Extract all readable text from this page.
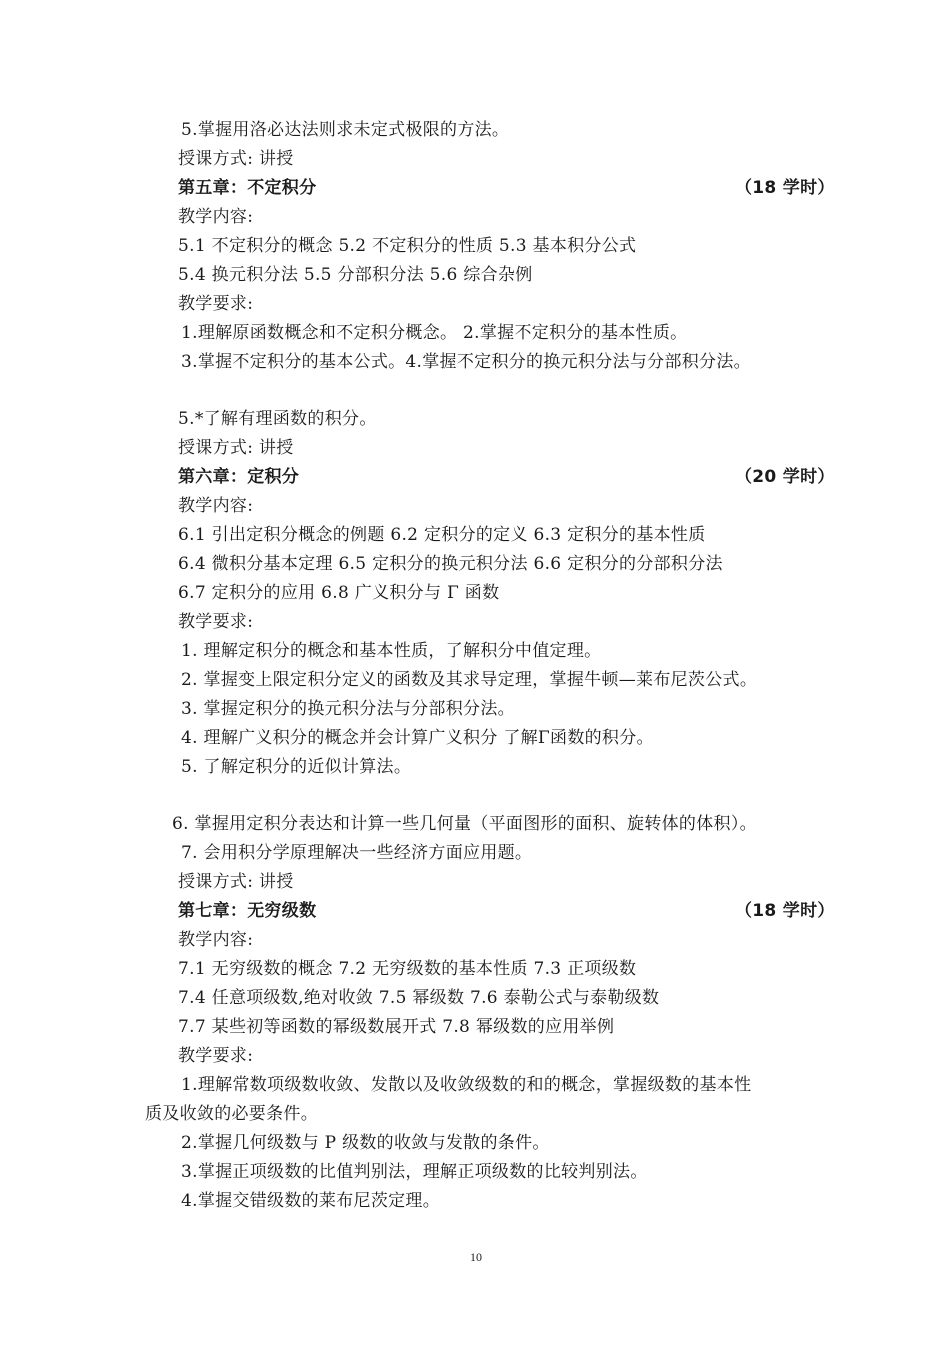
5.掌握用洛必达法则求未定式极限的方法。
授课方式: 讲授
第五章：不定积分	（18 学时）
教学内容:
5.1 不定积分的概念 5.2 不定积分的性质 5.3 基本积分公式
5.4 换元积分法 5.5 分部积分法 5.6 综合杂例
教学要求:
1.理解原函数概念和不定积分概念。 2.掌握不定积分的基本性质。
3.掌握不定积分的基本公式。4.掌握不定积分的换元积分法与分部积分法。
5.*了解有理函数的积分。
授课方式: 讲授
第六章：定积分	（20 学时）
教学内容:
6.1 引出定积分概念的例题 6.2 定积分的定义 6.3 定积分的基本性质
6.4 微积分基本定理 6.5 定积分的换元积分法 6.6 定积分的分部积分法
6.7 定积分的应用 6.8 广义积分与 Γ 函数
教学要求:
1. 理解定积分的概念和基本性质，了解积分中值定理。
2. 掌握变上限定积分定义的函数及其求导定理，掌握牛顿—莱布尼茨公式。
3. 掌握定积分的换元积分法与分部积分法。
4. 理解广义积分的概念并会计算广义积分 了解Γ函数的积分。
5. 了解定积分的近似计算法。
6. 掌握用定积分表达和计算一些几何量（平面图形的面积、旋转体的体积）。
7. 会用积分学原理解决一些经济方面应用题。
授课方式: 讲授
第七章：无穷级数	（18 学时）
教学内容:
7.1 无穷级数的概念 7.2 无穷级数的基本性质 7.3 正项级数
7.4 任意项级数,绝对收敛 7.5 幂级数 7.6 泰勒公式与泰勒级数
7.7 某些初等函数的幂级数展开式 7.8 幂级数的应用举例
教学要求:
1.理解常数项级数收敛、发散以及收敛级数的和的概念，掌握级数的基本性
质及收敛的必要条件。
2.掌握几何级数与 P 级数的收敛与发散的条件。
3.掌握正项级数的比值判别法，理解正项级数的比较判别法。
4.掌握交错级数的莱布尼茨定理。
10
